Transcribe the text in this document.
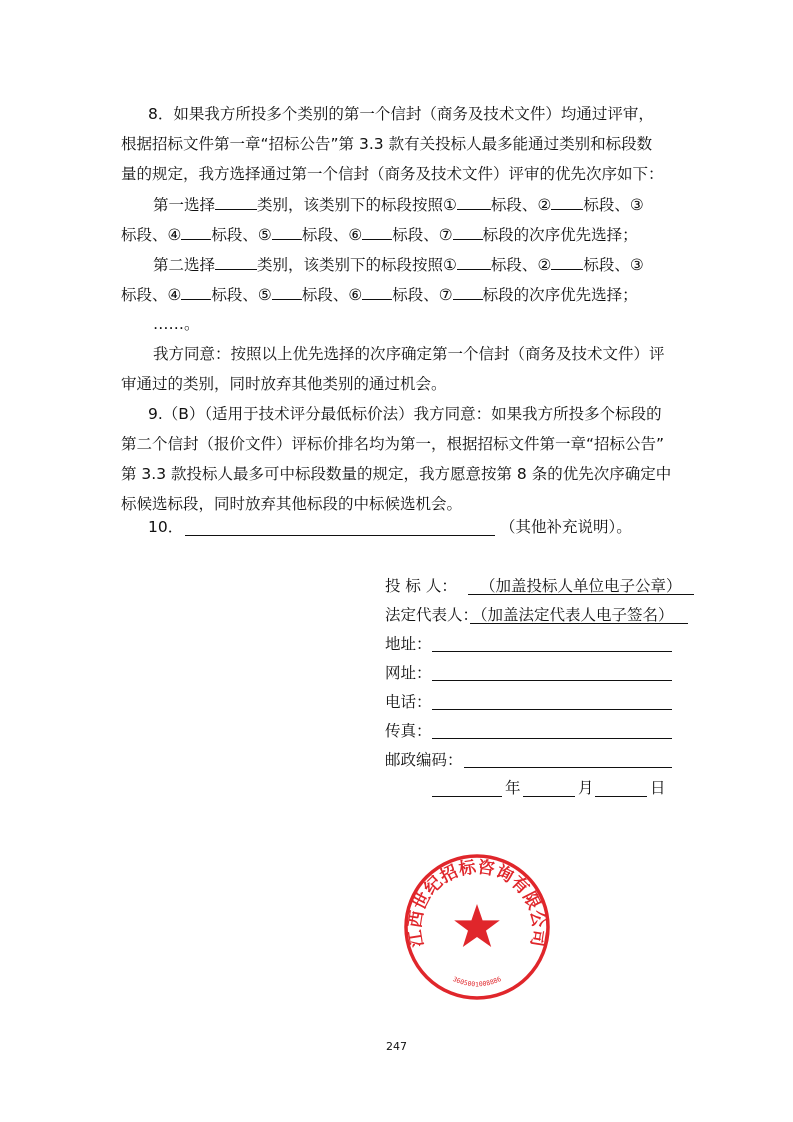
8．如果我方所投多个类别的第一个信封（商务及技术文件）均通过评审，
根据招标文件第一章“招标公告”第 3.3 款有关投标人最多能通过类别和标段数
量的规定，我方选择通过第一个信封（商务及技术文件）评审的优先次序如下：
第一选择	类别，该类别下的标段按照① 标段、② 标段、③
标段、④ 标段、⑤ 标段、⑥ 标段、⑦ 标段的次序优先选择；
第二选择	类别，该类别下的标段按照① 标段、② 标段、③
标段、④ 标段、⑤ 标段、⑥ 标段、⑦ 标段的次序优先选择；
……。
我方同意：按照以上优先选择的次序确定第一个信封（商务及技术文件）评
审通过的类别，同时放弃其他类别的通过机会。
9.（B）（适用于技术评分最低标价法）我方同意：如果我方所投多个标段的
第二个信封（报价文件）评标价排名均为第一，根据招标文件第一章“招标公告”
第 3.3 款投标人最多可中标段数量的规定，我方愿意按第 8 条的优先次序确定中
标候选标段，同时放弃其他标段的中标候选机会。
10．	（其他补充说明）。
投 标 人： （加盖投标人单位电子公章）
法定代表人：
（加盖法定代表人电子签名）
地址：
网址：
电话：
传真：
邮政编码：
年	月	日
江西世纪招标咨询有限公司
3605001008886
247
